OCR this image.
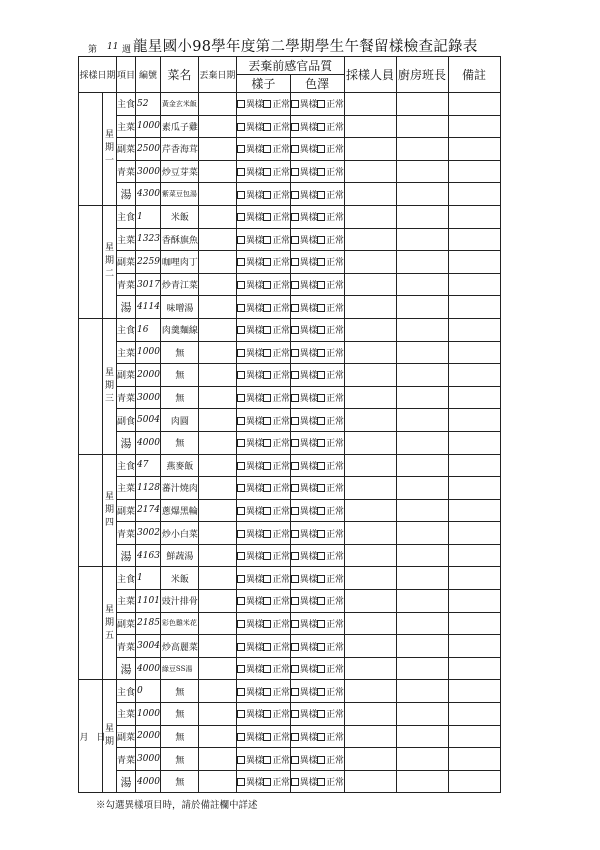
第 11 週 龍星國小98學年度第二學期學生午餐留樣檢查記錄表
採樣日期		項目	編號	菜名	丟棄日期	丟棄前感官品質		採樣人員	廚房班長	備註
						樣子	色澤			
	星期一	主食	52	黃金玄米飯		異樣 正常	異樣 正常			
		主菜	1000	素瓜子雞		異樣 正常	異樣 正常			
		副菜	2500	芹香海茸		異樣 正常	異樣 正常			
		青菜	3000	炒豆芽菜		異樣 正常	異樣 正常			
		湯	4300	紫菜豆包湯		異樣 正常	異樣 正常			
	星期二	主食	1	米飯		異樣 正常	異樣 正常			
		主菜	1323	香酥旗魚		異樣 正常	異樣 正常			
		副菜	2259	咖哩肉丁		異樣 正常	異樣 正常			
		青菜	3017	炒青江菜		異樣 正常	異樣 正常			
		湯	4114	味噌湯		異樣 正常	異樣 正常			
	星期三	主食	16	肉羹麵線		異樣 正常	異樣 正常			
		主菜	1000	無		異樣 正常	異樣 正常			
		副菜	2000	無		異樣 正常	異樣 正常			
		青菜	3000	無		異樣 正常	異樣 正常			
		副食	5004	肉圓		異樣 正常	異樣 正常			
		湯	4000	無		異樣 正常	異樣 正常			
	星期四	主食	47	燕麥飯		異樣 正常	異樣 正常			
		主菜	1128	蕃汁燒肉		異樣 正常	異樣 正常			
		副菜	2174	蔥爆黑輪		異樣 正常	異樣 正常			
		青菜	3002	炒小白菜		異樣 正常	異樣 正常			
		湯	4163	鮮蔬湯		異樣 正常	異樣 正常			
	星期五	主食	1	米飯		異樣 正常	異樣 正常			
		主菜	1101	豉汁排骨		異樣 正常	異樣 正常			
		副菜	2185	彩色雞米花		異樣 正常	異樣 正常			
		青菜	3004	炒高麗菜		異樣 正常	異樣 正常			
		湯	4000	綠豆SS湯		異樣 正常	異樣 正常			
月 日	星期	主食	0	無		異樣 正常	異樣 正常			
		主菜	1000	無		異樣 正常	異樣 正常			
		副菜	2000	無		異樣 正常	異樣 正常			
		青菜	3000	無		異樣 正常	異樣 正常			
		湯	4000	無		異樣 正常	異樣 正常			
※勾選異樣項目時，請於備註欄中詳述
